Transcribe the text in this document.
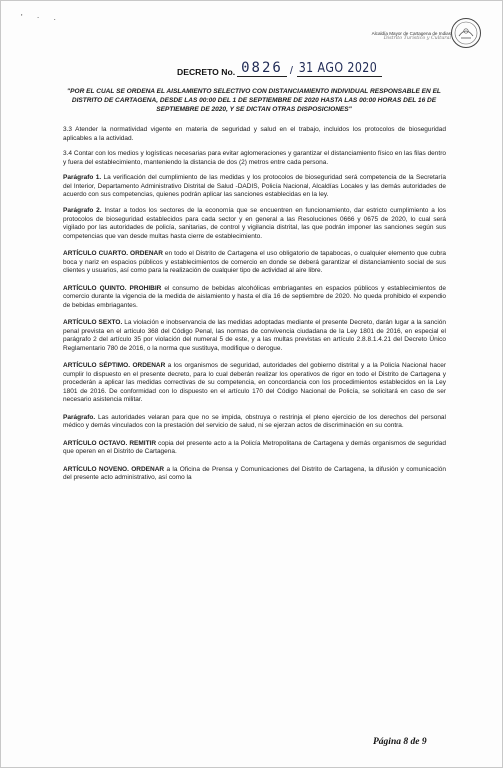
' · .
Alcaldía Mayor de Cartagena de Indias
Distrito Turístico y Cultural
DECRETO No. 0826 / 31 AGO 2020
"POR EL CUAL SE ORDENA EL AISLAMIENTO SELECTIVO CON DISTANCIAMIENTO INDIVIDUAL RESPONSABLE EN EL DISTRITO DE CARTAGENA, DESDE LAS 00:00 DEL 1 DE SEPTIEMBRE DE 2020 HASTA LAS 00:00 HORAS DEL 16 DE SEPTIEMBRE DE 2020, Y SE DICTAN OTRAS DISPOSICIONES"

3.3 Atender la normatividad vigente en materia de seguridad y salud en el trabajo, incluidos los protocolos de bioseguridad aplicables a la actividad.

3.4 Contar con los medios y logísticas necesarias para evitar aglomeraciones y garantizar el distanciamiento físico en las filas dentro y fuera del establecimiento, manteniendo la distancia de dos (2) metros entre cada persona.

Parágrafo 1. La verificación del cumplimiento de las medidas y los protocolos de bioseguridad será competencia de la Secretaría del Interior, Departamento Administrativo Distrital de Salud -DADIS, Policía Nacional, Alcaldías Locales y las demás autoridades de acuerdo con sus competencias, quienes podrán aplicar las sanciones establecidas en la ley.

Parágrafo 2. Instar a todos los sectores de la economía que se encuentren en funcionamiento, dar estricto cumplimiento a los protocolos de bioseguridad establecidos para cada sector y en general a las Resoluciones 0666 y 0675 de 2020, lo cual será vigilado por las autoridades de policía, sanitarias, de control y vigilancia distrital, las que podrán imponer las sanciones según sus competencias que van desde multas hasta cierre de establecimiento.

ARTÍCULO CUARTO. ORDENAR en todo el Distrito de Cartagena el uso obligatorio de tapabocas, o cualquier elemento que cubra boca y nariz en espacios públicos y establecimientos de comercio en donde se deberá garantizar el distanciamiento social de sus clientes y usuarios, así como para la realización de cualquier tipo de actividad al aire libre.

ARTÍCULO QUINTO. PROHIBIR el consumo de bebidas alcohólicas embriagantes en espacios públicos y establecimientos de comercio durante la vigencia de la medida de aislamiento y hasta el día 16 de septiembre de 2020. No queda prohibido el expendio de bebidas embriagantes.

ARTÍCULO SEXTO. La violación e inobservancia de las medidas adoptadas mediante el presente Decreto, darán lugar a la sanción penal prevista en el artículo 368 del Código Penal, las normas de convivencia ciudadana de la Ley 1801 de 2016, en especial el parágrafo 2 del artículo 35 por violación del numeral 5 de este, y a las multas previstas en artículo 2.8.8.1.4.21 del Decreto Único Reglamentario 780 de 2016, o la norma que sustituya, modifique o derogue.

ARTÍCULO SÉPTIMO. ORDENAR a los organismos de seguridad, autoridades del gobierno distrital y a la Policía Nacional hacer cumplir lo dispuesto en el presente decreto, para lo cual deberán realizar los operativos de rigor en todo el Distrito de Cartagena y procederán a aplicar las medidas correctivas de su competencia, en concordancia con los procedimientos establecidos en la Ley 1801 de 2016. De conformidad con lo dispuesto en el artículo 170 del Código Nacional de Policía, se solicitará en caso de ser necesario asistencia militar.

Parágrafo. Las autoridades velaran para que no se impida, obstruya o restrinja el pleno ejercicio de los derechos del personal médico y demás vinculados con la prestación del servicio de salud, ni se ejerzan actos de discriminación en su contra.

ARTÍCULO OCTAVO. REMITIR copia del presente acto a la Policía Metropolitana de Cartagena y demás organismos de seguridad que operen en el Distrito de Cartagena.

ARTÍCULO NOVENO. ORDENAR a la Oficina de Prensa y Comunicaciones del Distrito de Cartagena, la difusión y comunicación del presente acto administrativo, así como la

Página 8 de 9
